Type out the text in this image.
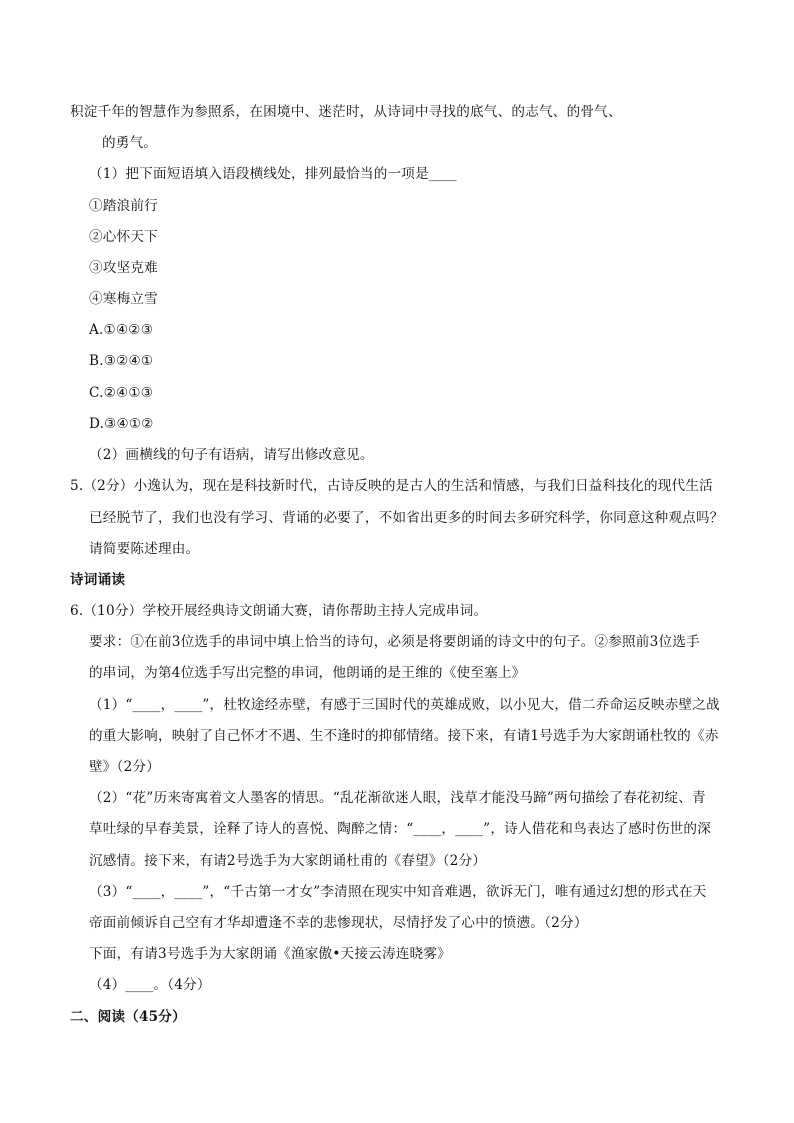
积淀千年的智慧作为参照系，在困境中、迷茫时，从诗词中寻找的底气、的志气、的骨气、
的勇气。
（1）把下面短语填入语段横线处，排列最恰当的一项是____
①踏浪前行
②心怀天下
③攻坚克难
④寒梅立雪
A.①④②③
B.③②④①
C.②④①③
D.③④①②
（2）画横线的句子有语病，请写出修改意见。
5.（2分）小逸认为，现在是科技新时代，古诗反映的是古人的生活和情感，与我们日益科技化的现代生活
已经脱节了，我们也没有学习、背诵的必要了，不如省出更多的时间去多研究科学，你同意这种观点吗？
请简要陈述理由。
诗词诵读
6.（10分）学校开展经典诗文朗诵大赛，请你帮助主持人完成串词。
要求：①在前3位选手的串词中填上恰当的诗句，必须是将要朗诵的诗文中的句子。②参照前3位选手
的串词，为第4位选手写出完整的串词，他朗诵的是王维的《使至塞上》
（1）“____，____”，杜牧途经赤壁，有感于三国时代的英雄成败，以小见大，借二乔命运反映赤壁之战
的重大影响，映射了自己怀才不遇、生不逢时的抑郁情绪。接下来，有请1号选手为大家朗诵杜牧的《赤
壁》（2分）
（2）“花”历来寄寓着文人墨客的情思。“乱花渐欲迷人眼，浅草才能没马蹄”两句描绘了春花初绽、青
草吐绿的早春美景，诠释了诗人的喜悦、陶醉之情：“____，____”，诗人借花和鸟表达了感时伤世的深
沉感情。接下来，有请2号选手为大家朗诵杜甫的《春望》（2分）
（3）“____，____”，“千古第一才女”李清照在现实中知音难遇，欲诉无门，唯有通过幻想的形式在天
帝面前倾诉自己空有才华却遭逢不幸的悲惨现状，尽情抒发了心中的愤懑。（2分）
下面，有请3号选手为大家朗诵《渔家傲•天接云涛连晓雾》
（4）____。（4分）
二、阅读（45分）
